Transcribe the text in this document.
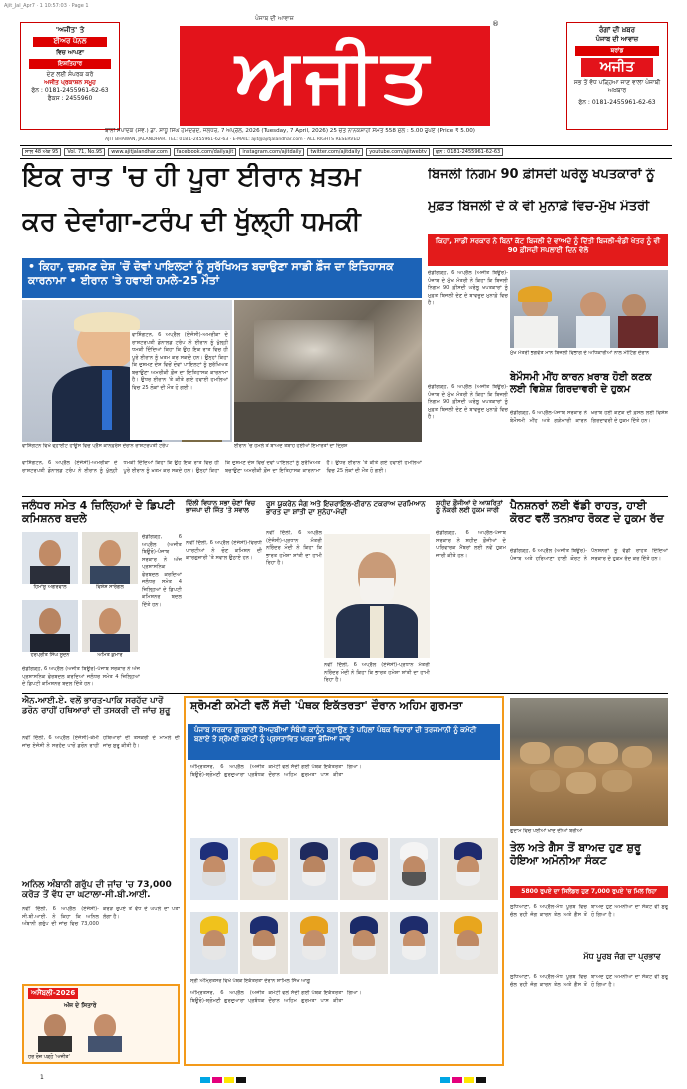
Ajit_Jal_Apr7 · 1 10:57:03 · Page 1
'ਅਜੀਤ' ਤੇ
ਈਅਰ ਪੈਨਲ
ਵਿਚ ਆਪਣਾ
ਇਸ਼ਤਿਹਾਰ
ਦੇਣ ਲਈ ਸੰਪਰਕ ਕਰੋ
ਅਜੀਤ ਪ੍ਰਕਾਸ਼ਨ ਸਮੂਹ
ਫੋਨ : 0181-2455961-62-63
ਫੈਕਸ : 2455960
ਪੰਜਾਬ ਦੀ ਆਵਾਜ਼
ਅਜੀਤ
®
ਰੰਗਾਂ ਦੀ ਖ਼ਬਰ
ਪੰਜਾਬ ਦੀ ਆਵਾਜ਼
ਬਰਾਂਡ
ਅਜੀਤ
ਸਭ ਤੋਂ ਵੱਧ ਪੜ੍ਹਿਆ ਜਾਣ ਵਾਲਾ ਪੰਜਾਬੀ ਅਖ਼ਬਾਰ
ਫੋਨ : 0181-2455961-62-63
ਬਾਨੀ ਸੰਪਾਦਕ (ਸਵ.) ਡਾ. ਸਾਧੂ ਸਿੰਘ ਹਮਦਰਦ, ਜਲੰਧਰ, 7 ਅਪ੍ਰੈਲ, 2026 (Tuesday, 7 April, 2026) 25 ਚੇਤ ਨਾਨਕਸ਼ਾਹੀ ਸੰਮਤ 558 ਮੁੱਲ : 5.00 ਰੁਪਏ (Price ₹ 5.00)
AJIT BHAWAN, JALANDHAR. TEL: 0181-2455961-62-63 · E-MAIL: ajit@ajitjalandhar.com · ALL RIGHTS RESERVED
ਸਾਲ 48 ਅੰਕ 95	Vol. 71, No.95	www.ajitjalandhar.com	facebook.com/dailyajit	instagram.com/ajitdaily	twitter.com/ajitdaily	youtube.com/ajitwebtv	ਫੋਨ : 0181-2455961-62-63
ਇਕ ਰਾਤ 'ਚ ਹੀ ਪੂਰਾ ਈਰਾਨ ਖ਼ਤਮ
ਕਰ ਦੇਵਾਂਗਾ-ਟਰੰਪ ਦੀ ਖੁੱਲ੍ਹੀ ਧਮਕੀ
• ਕਿਹਾ, ਦੁਸ਼ਮਣ ਦੇਸ਼ 'ਚੋਂ ਦੋਵਾਂ ਪਾਇਲਟਾਂ ਨੂੰ ਸੁਰੱਖਿਅਤ ਬਚਾਉਣਾ ਸਾਡੀ ਫ਼ੌਜ ਦਾ ਇਤਿਹਾਸਕ ਕਾਰਨਾਮਾ • ਈਰਾਨ 'ਤੇ ਹਵਾਈ ਹਮਲੇ-25 ਮੌਤਾਂ
ਵਾਸ਼ਿੰਗਟਨ ਵਿਖੇ ਵ੍ਹਾਈਟ ਹਾਊਸ ਵਿਚ ਪ੍ਰੈੱਸ ਕਾਨਫ਼ਰੰਸ ਦੌਰਾਨ ਰਾਸ਼ਟਰਪਤੀ ਟਰੰਪ	ਈਰਾਨ 'ਚ ਹਮਲੇ ਤੋਂ ਬਾਅਦ ਤਬਾਹ ਹੋਈਆਂ ਇਮਾਰਤਾਂ ਦਾ ਦ੍ਰਿਸ਼
ਵਾਸ਼ਿੰਗਟਨ, 6 ਅਪ੍ਰੈਲ (ਏਜੰਸੀ)-ਅਮਰੀਕਾ ਦੇ ਰਾਸ਼ਟਰਪਤੀ ਡੋਨਾਲਡ ਟਰੰਪ ਨੇ ਈਰਾਨ ਨੂੰ ਖੁੱਲ੍ਹੀ ਧਮਕੀ ਦਿੰਦਿਆਂ ਕਿਹਾ ਕਿ ਉਹ ਇਕ ਰਾਤ ਵਿਚ ਹੀ ਪੂਰੇ ਈਰਾਨ ਨੂੰ ਖ਼ਤਮ ਕਰ ਸਕਦੇ ਹਨ। ਉਨ੍ਹਾਂ ਕਿਹਾ ਕਿ ਦੁਸ਼ਮਣ ਦੇਸ਼ ਵਿਚੋਂ ਦੋਵਾਂ ਪਾਇਲਟਾਂ ਨੂੰ ਸੁਰੱਖਿਅਤ ਬਚਾਉਣਾ ਅਮਰੀਕੀ ਫ਼ੌਜ ਦਾ ਇਤਿਹਾਸਕ ਕਾਰਨਾਮਾ ਹੈ। ਉਧਰ ਈਰਾਨ 'ਤੇ ਕੀਤੇ ਗਏ ਹਵਾਈ ਹਮਲਿਆਂ ਵਿਚ 25 ਲੋਕਾਂ ਦੀ ਮੌਤ ਹੋ ਗਈ।
ਵਾਸ਼ਿੰਗਟਨ, 6 ਅਪ੍ਰੈਲ (ਏਜੰਸੀ)-ਅਮਰੀਕਾ ਦੇ ਰਾਸ਼ਟਰਪਤੀ ਡੋਨਾਲਡ ਟਰੰਪ ਨੇ ਈਰਾਨ ਨੂੰ ਖੁੱਲ੍ਹੀ ਧਮਕੀ ਦਿੰਦਿਆਂ ਕਿਹਾ ਕਿ ਉਹ ਇਕ ਰਾਤ ਵਿਚ ਹੀ ਪੂਰੇ ਈਰਾਨ ਨੂੰ ਖ਼ਤਮ ਕਰ ਸਕਦੇ ਹਨ। ਉਨ੍ਹਾਂ ਕਿਹਾ ਕਿ ਦੁਸ਼ਮਣ ਦੇਸ਼ ਵਿਚੋਂ ਦੋਵਾਂ ਪਾਇਲਟਾਂ ਨੂੰ ਸੁਰੱਖਿਅਤ ਬਚਾਉਣਾ ਅਮਰੀਕੀ ਫ਼ੌਜ ਦਾ ਇਤਿਹਾਸਕ ਕਾਰਨਾਮਾ ਹੈ। ਉਧਰ ਈਰਾਨ 'ਤੇ ਕੀਤੇ ਗਏ ਹਵਾਈ ਹਮਲਿਆਂ ਵਿਚ 25 ਲੋਕਾਂ ਦੀ ਮੌਤ ਹੋ ਗਈ।
ਬਿਜਲੀ ਨਿਗਮ 90 ਫ਼ੀਸਦੀ ਘਰੇਲੂ ਖਪਤਕਾਰਾਂ ਨੂੰ
ਮੁਫ਼ਤ ਬਿਜਲੀ ਦੇ ਕੇ ਵੀ ਮੁਨਾਫ਼ੇ ਵਿਚ-ਮੁੱਖ ਮੰਤਰੀ
ਕਿਹਾ, ਸਾਡੀ ਸਰਕਾਰ ਨੇ ਬਿਨਾਂ ਕੱਟ ਬਿਜਲੀ ਦੇ ਵਾਅਦੇ ਨੂੰ ਦਿੱਤੀ ਬਿਜਲੀ-ਵੰਡੀ ਖੇਤਰ ਨੂੰ ਵੀ 90 ਫ਼ੀਸਦੀ ਸਪਲਾਈ ਦਿਨ ਵੇਲੇ
ਚੰਡੀਗੜ੍ਹ, 6 ਅਪ੍ਰੈਲ (ਅਜੀਤ ਬਿਊਰੋ)-ਪੰਜਾਬ ਦੇ ਮੁੱਖ ਮੰਤਰੀ ਨੇ ਕਿਹਾ ਕਿ ਬਿਜਲੀ ਨਿਗਮ 90 ਫ਼ੀਸਦੀ ਘਰੇਲੂ ਖਪਤਕਾਰਾਂ ਨੂੰ ਮੁਫ਼ਤ ਬਿਜਲੀ ਦੇਣ ਦੇ ਬਾਵਜੂਦ ਮੁਨਾਫ਼ੇ ਵਿਚ ਹੈ।
ਮੁੱਖ ਮੰਤਰੀ ਭਗਵੰਤ ਮਾਨ ਬਿਜਲੀ ਵਿਭਾਗ ਦੇ ਅਧਿਕਾਰੀਆਂ ਨਾਲ ਮੀਟਿੰਗ ਦੌਰਾਨ
ਬੇਮੌਸਮੀ ਮੀਂਹ ਕਾਰਨ ਖ਼ਰਾਬ ਹੋਈ ਕਣਕ ਲਈ ਵਿਸ਼ੇਸ਼ ਗਿਰਦਾਵਰੀ ਦੇ ਹੁਕਮ
ਚੰਡੀਗੜ੍ਹ, 6 ਅਪ੍ਰੈਲ-ਪੰਜਾਬ ਸਰਕਾਰ ਨੇ ਬੇਮੌਸਮੀ ਮੀਂਹ ਅਤੇ ਗੜੇਮਾਰੀ ਕਾਰਨ ਖ਼ਰਾਬ ਹੋਈ ਕਣਕ ਦੀ ਫ਼ਸਲ ਲਈ ਵਿਸ਼ੇਸ਼ ਗਿਰਦਾਵਰੀ ਦੇ ਹੁਕਮ ਦਿੱਤੇ ਹਨ।
ਚੰਡੀਗੜ੍ਹ, 6 ਅਪ੍ਰੈਲ (ਅਜੀਤ ਬਿਊਰੋ)-ਪੰਜਾਬ ਦੇ ਮੁੱਖ ਮੰਤਰੀ ਨੇ ਕਿਹਾ ਕਿ ਬਿਜਲੀ ਨਿਗਮ 90 ਫ਼ੀਸਦੀ ਘਰੇਲੂ ਖਪਤਕਾਰਾਂ ਨੂੰ ਮੁਫ਼ਤ ਬਿਜਲੀ ਦੇਣ ਦੇ ਬਾਵਜੂਦ ਮੁਨਾਫ਼ੇ ਵਿਚ ਹੈ।
ਜਲੰਧਰ ਸਮੇਤ 4 ਜ਼ਿਲ੍ਹਿਆਂ ਦੇ ਡਿਪਟੀ ਕਮਿਸ਼ਨਰ ਬਦਲੇ
ਹਿਮਾਂਸ਼ੂ ਅਗਰਵਾਲ	ਵਿਸ਼ੇਸ਼ ਸਾਰੰਗਲ
ਹਰਪ੍ਰੀਤ ਸਿੰਘ ਸੂਦਨ	ਅਮਿਤ ਕੁਮਾਰ
ਚੰਡੀਗੜ੍ਹ, 6 ਅਪ੍ਰੈਲ (ਅਜੀਤ ਬਿਊਰੋ)-ਪੰਜਾਬ ਸਰਕਾਰ ਨੇ ਅੱਜ ਪ੍ਰਸ਼ਾਸਨਿਕ ਫੇਰਬਦਲ ਕਰਦਿਆਂ ਜਲੰਧਰ ਸਮੇਤ 4 ਜ਼ਿਲ੍ਹਿਆਂ ਦੇ ਡਿਪਟੀ ਕਮਿਸ਼ਨਰ ਬਦਲ ਦਿੱਤੇ ਹਨ।
ਚੰਡੀਗੜ੍ਹ, 6 ਅਪ੍ਰੈਲ (ਅਜੀਤ ਬਿਊਰੋ)-ਪੰਜਾਬ ਸਰਕਾਰ ਨੇ ਅੱਜ ਪ੍ਰਸ਼ਾਸਨਿਕ ਫੇਰਬਦਲ ਕਰਦਿਆਂ ਜਲੰਧਰ ਸਮੇਤ 4 ਜ਼ਿਲ੍ਹਿਆਂ ਦੇ ਡਿਪਟੀ ਕਮਿਸ਼ਨਰ ਬਦਲ ਦਿੱਤੇ ਹਨ।
ਦਿੱਲੀ ਵਿਧਾਨ ਸਭਾ ਚੋਣਾਂ ਵਿਚ ਭਾਜਪਾ ਦੀ ਜਿੱਤ 'ਤੇ ਸਵਾਲ
ਨਵੀਂ ਦਿੱਲੀ, 6 ਅਪ੍ਰੈਲ (ਏਜੰਸੀ)-ਵਿਰੋਧੀ ਪਾਰਟੀਆਂ ਨੇ ਚੋਣ ਕਮਿਸ਼ਨ ਦੀ ਕਾਰਗੁਜ਼ਾਰੀ 'ਤੇ ਸਵਾਲ ਉਠਾਏ ਹਨ।
ਰੂਸ ਯੂਕਰੇਨ ਜੰਗ ਅਤੇ ਇਜ਼ਰਾਇਲ-ਈਰਾਨ ਟਕਰਾਅ ਦਰਮਿਆਨ ਭਾਰਤ ਦਾ ਸ਼ਾਂਤੀ ਦਾ ਸੁਨੇਹਾ-ਮੋਦੀ
ਨਵੀਂ ਦਿੱਲੀ, 6 ਅਪ੍ਰੈਲ (ਏਜੰਸੀ)-ਪ੍ਰਧਾਨ ਮੰਤਰੀ ਨਰਿੰਦਰ ਮੋਦੀ ਨੇ ਕਿਹਾ ਕਿ ਭਾਰਤ ਹਮੇਸ਼ਾ ਸ਼ਾਂਤੀ ਦਾ ਹਾਮੀ ਰਿਹਾ ਹੈ।
ਨਵੀਂ ਦਿੱਲੀ, 6 ਅਪ੍ਰੈਲ (ਏਜੰਸੀ)-ਪ੍ਰਧਾਨ ਮੰਤਰੀ ਨਰਿੰਦਰ ਮੋਦੀ ਨੇ ਕਿਹਾ ਕਿ ਭਾਰਤ ਹਮੇਸ਼ਾ ਸ਼ਾਂਤੀ ਦਾ ਹਾਮੀ ਰਿਹਾ ਹੈ।
ਸ਼ਹੀਦ ਫ਼ੌਜੀਆਂ ਦੇ ਆਸ਼ਰਿਤਾਂ ਨੂੰ ਨੌਕਰੀ ਲਈ ਹੁਕਮ ਜਾਰੀ
ਚੰਡੀਗੜ੍ਹ, 6 ਅਪ੍ਰੈਲ-ਪੰਜਾਬ ਸਰਕਾਰ ਨੇ ਸ਼ਹੀਦ ਫ਼ੌਜੀਆਂ ਦੇ ਪਰਿਵਾਰਕ ਮੈਂਬਰਾਂ ਲਈ ਨਵੇਂ ਹੁਕਮ ਜਾਰੀ ਕੀਤੇ ਹਨ।
ਪੈਨਸ਼ਨਰਾਂ ਲਈ ਵੱਡੀ ਰਾਹਤ, ਹਾਈ ਕੋਰਟ ਵਲੋਂ ਤਨਖ਼ਾਹ ਰੋਕਣ ਦੇ ਹੁਕਮ ਰੱਦ
ਚੰਡੀਗੜ੍ਹ, 6 ਅਪ੍ਰੈਲ (ਅਜੀਤ ਬਿਊਰੋ)-ਪੰਜਾਬ ਅਤੇ ਹਰਿਆਣਾ ਹਾਈ ਕੋਰਟ ਨੇ ਪੈਨਸ਼ਨਰਾਂ ਨੂੰ ਵੱਡੀ ਰਾਹਤ ਦਿੰਦਿਆਂ ਸਰਕਾਰ ਦੇ ਹੁਕਮ ਰੱਦ ਕਰ ਦਿੱਤੇ ਹਨ।
ਐਨ.ਆਈ.ਏ. ਵਲੋਂ ਭਾਰਤ-ਪਾਕਿ ਸਰਹੱਦ ਪਾਰੋਂ ਡਰੋਨ ਰਾਹੀਂ ਹਥਿਆਰਾਂ ਦੀ ਤਸਕਰੀ ਦੀ ਜਾਂਚ ਸ਼ੁਰੂ
ਨਵੀਂ ਦਿੱਲੀ, 6 ਅਪ੍ਰੈਲ (ਏਜੰਸੀ)-ਕੌਮੀ ਜਾਂਚ ਏਜੰਸੀ ਨੇ ਸਰਹੱਦ ਪਾਰੋਂ ਡਰੋਨ ਰਾਹੀਂ ਹਥਿਆਰਾਂ ਦੀ ਤਸਕਰੀ ਦੇ ਮਾਮਲੇ ਦੀ ਜਾਂਚ ਸ਼ੁਰੂ ਕੀਤੀ ਹੈ।
ਅਨਿਲ ਅੰਬਾਨੀ ਗਰੁੱਪ ਦੀ ਜਾਂਚ 'ਚ 73,000 ਕਰੋੜ ਤੋਂ ਵੱਧ ਦਾ ਘਟਾਲਾ-ਸੀ.ਬੀ.ਆਈ.
ਨਵੀਂ ਦਿੱਲੀ, 6 ਅਪ੍ਰੈਲ (ਏਜੰਸੀ)-ਸੀ.ਬੀ.ਆਈ. ਨੇ ਕਿਹਾ ਕਿ ਅਨਿਲ ਅੰਬਾਨੀ ਗਰੁੱਪ ਦੀ ਜਾਂਚ ਵਿਚ 73,000 ਕਰੋੜ ਰੁਪਏ ਤੋਂ ਵੱਧ ਦੇ ਘਪਲੇ ਦਾ ਪਤਾ ਲੱਗਾ ਹੈ।
ਅਸੈਂਬਲੀ-2026
ਅੱਜ ਦੇ ਸਿਤਾਰੇ
ਹਰ ਰੋਜ਼ ਪੜ੍ਹੋ 'ਅਜੀਤ'
ਸ਼੍ਰੋਮਣੀ ਕਮੇਟੀ ਵਲੋਂ ਸੱਦੀ 'ਪੰਥਕ ਇਕੱਤਰਤਾ' ਦੌਰਾਨ ਅਹਿਮ ਗੁਰਮਤਾ
ਪੰਜਾਬ ਸਰਕਾਰ ਗੁਰਬਾਣੀ ਬੇਅਦਬੀਆਂ ਸੰਬੰਧੀ ਕਾਨੂੰਨ ਬਣਾਉਣ ਤੋਂ ਪਹਿਲਾਂ ਪੰਥਕ ਵਿਚਾਰਾਂ ਦੀ ਤਰਜਮਾਨੀ ਨੂੰ ਕਮੇਟੀ ਬਣਾਏ ਤੇ ਸ਼੍ਰੋਮਣੀ ਕਮੇਟੀ ਨੂੰ ਪ੍ਰਸਤਾਵਿਤ ਖਰੜਾ ਭੇਜਿਆ ਜਾਵੇ
ਅੰਮ੍ਰਿਤਸਰ, 6 ਅਪ੍ਰੈਲ (ਅਜੀਤ ਬਿਊਰੋ)-ਸ਼੍ਰੋਮਣੀ ਗੁਰਦੁਆਰਾ ਪ੍ਰਬੰਧਕ ਕਮੇਟੀ ਵਲੋਂ ਸੱਦੀ ਗਈ ਪੰਥਕ ਇਕੱਤਰਤਾ ਦੌਰਾਨ ਅਹਿਮ ਗੁਰਮਤਾ ਪਾਸ ਕੀਤਾ ਗਿਆ।
ਸ੍ਰੀ ਅੰਮ੍ਰਿਤਸਰ ਵਿਖੇ ਪੰਥਕ ਇਕੱਤਰਤਾ ਦੌਰਾਨ ਸ਼ਾਮਿਲ ਸਿੱਖ ਆਗੂ
ਅੰਮ੍ਰਿਤਸਰ, 6 ਅਪ੍ਰੈਲ (ਅਜੀਤ ਬਿਊਰੋ)-ਸ਼੍ਰੋਮਣੀ ਗੁਰਦੁਆਰਾ ਪ੍ਰਬੰਧਕ ਕਮੇਟੀ ਵਲੋਂ ਸੱਦੀ ਗਈ ਪੰਥਕ ਇਕੱਤਰਤਾ ਦੌਰਾਨ ਅਹਿਮ ਗੁਰਮਤਾ ਪਾਸ ਕੀਤਾ ਗਿਆ।
ਗੁਦਾਮ ਵਿਚ ਪਈਆਂ ਖਾਦ ਦੀਆਂ ਬੋਰੀਆਂ
ਤੇਲ ਅਤੇ ਗੈਸ ਤੋਂ ਬਾਅਦ ਹੁਣ ਸ਼ੁਰੂ ਹੋਇਆ ਅਮੋਨੀਆ ਸੰਕਟ
5800 ਰੁਪਏ ਦਾ ਸਿਲੰਡਰ ਹੁਣ 7,000 ਰੁਪਏ 'ਚ ਮਿਲ ਰਿਹਾ
ਲੁਧਿਆਣਾ, 6 ਅਪ੍ਰੈਲ-ਮੱਧ ਪੂਰਬ ਵਿਚ ਚੱਲ ਰਹੀ ਜੰਗ ਕਾਰਨ ਤੇਲ ਅਤੇ ਗੈਸ ਤੋਂ ਬਾਅਦ ਹੁਣ ਅਮੋਨੀਆ ਦਾ ਸੰਕਟ ਵੀ ਸ਼ੁਰੂ ਹੋ ਗਿਆ ਹੈ।
ਮੱਧ ਪੂਰਬ ਜੰਗ ਦਾ ਪ੍ਰਭਾਵ
ਲੁਧਿਆਣਾ, 6 ਅਪ੍ਰੈਲ-ਮੱਧ ਪੂਰਬ ਵਿਚ ਚੱਲ ਰਹੀ ਜੰਗ ਕਾਰਨ ਤੇਲ ਅਤੇ ਗੈਸ ਤੋਂ ਬਾਅਦ ਹੁਣ ਅਮੋਨੀਆ ਦਾ ਸੰਕਟ ਵੀ ਸ਼ੁਰੂ ਹੋ ਗਿਆ ਹੈ।
1
